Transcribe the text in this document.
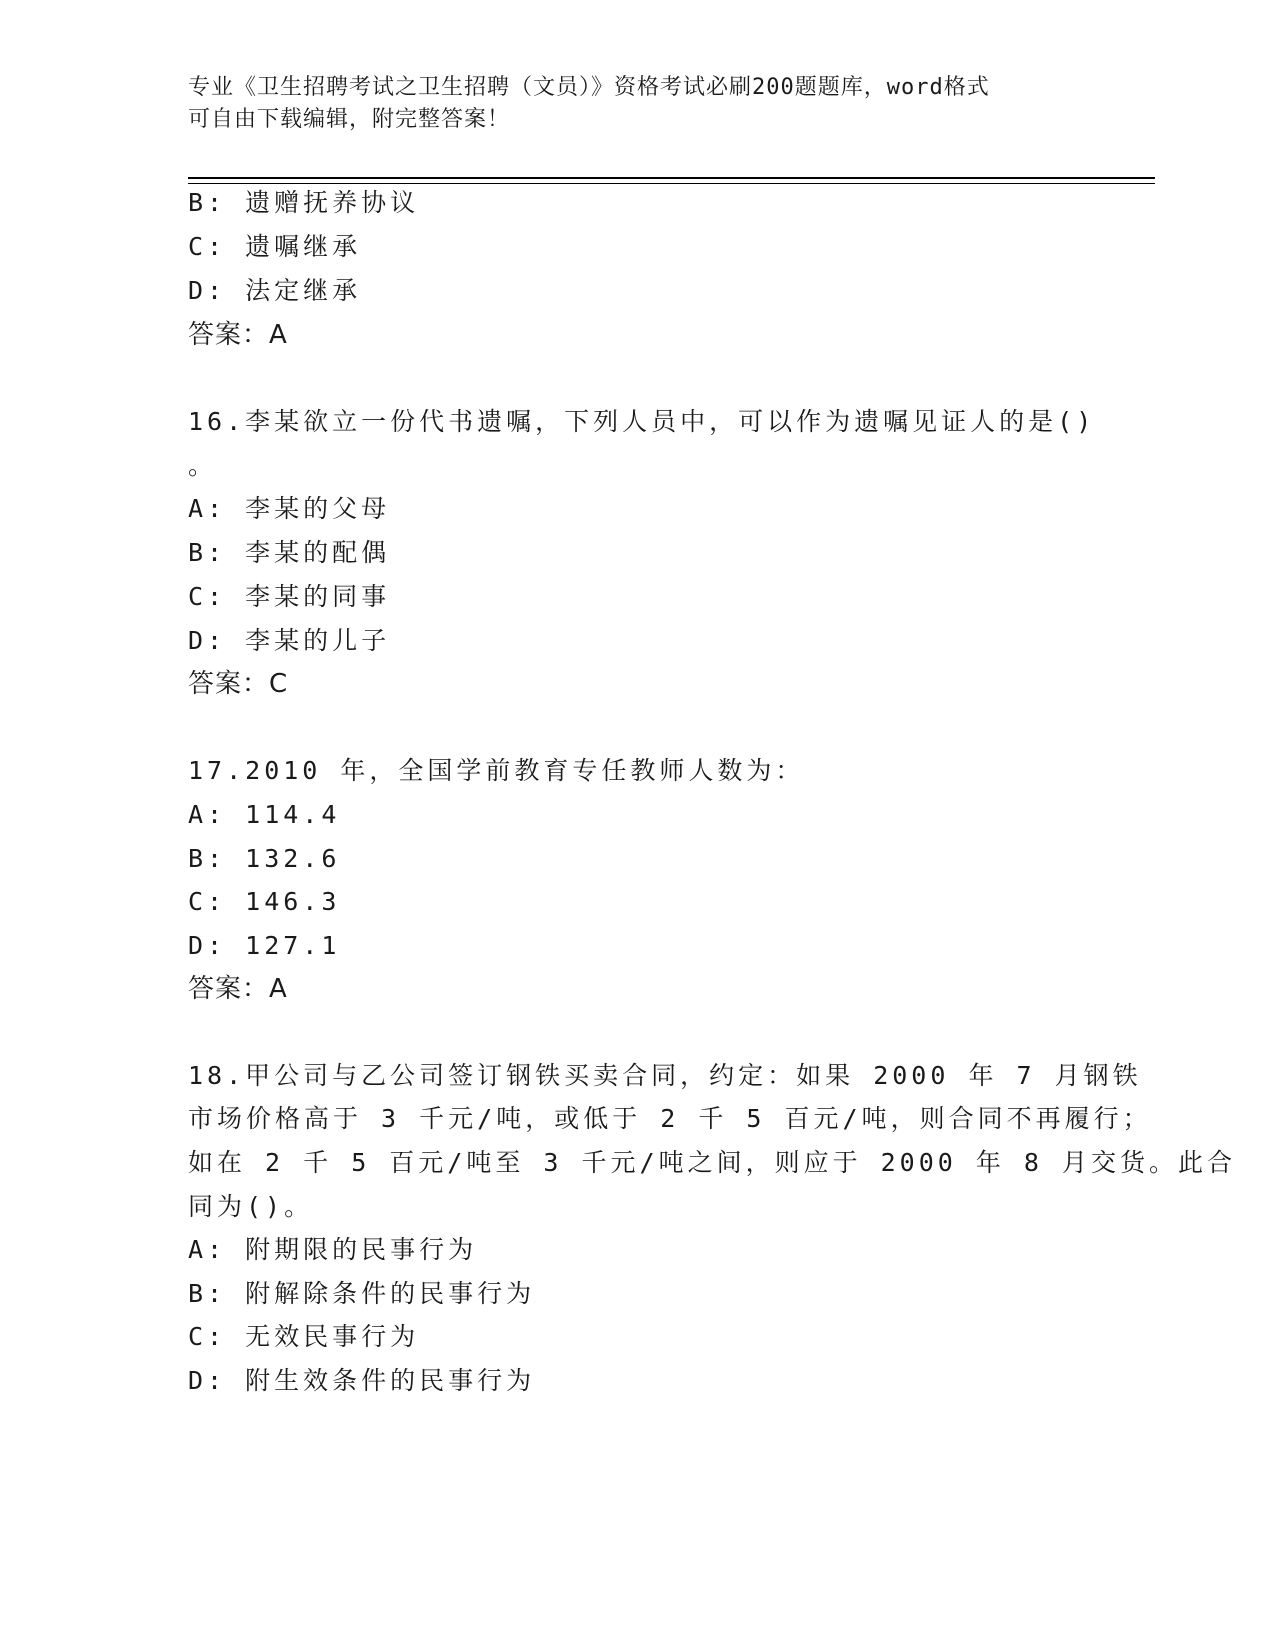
专业《卫生招聘考试之卫生招聘（文员）》资格考试必刷200题题库，word格式
可自由下载编辑，附完整答案！
B: 遗赠抚养协议
C: 遗嘱继承
D: 法定继承
答案：A
16.李某欲立一份代书遗嘱，下列人员中，可以作为遗嘱见证人的是()
。
A: 李某的父母
B: 李某的配偶
C: 李某的同事
D: 李某的儿子
答案：C
17.2010 年，全国学前教育专任教师人数为：
A: 114.4
B: 132.6
C: 146.3
D: 127.1
答案：A
18.甲公司与乙公司签订钢铁买卖合同，约定：如果 2000 年 7 月钢铁
市场价格高于 3 千元/吨，或低于 2 千 5 百元/吨，则合同不再履行；
如在 2 千 5 百元/吨至 3 千元/吨之间，则应于 2000 年 8 月交货。此合
同为()。
A: 附期限的民事行为
B: 附解除条件的民事行为
C: 无效民事行为
D: 附生效条件的民事行为
